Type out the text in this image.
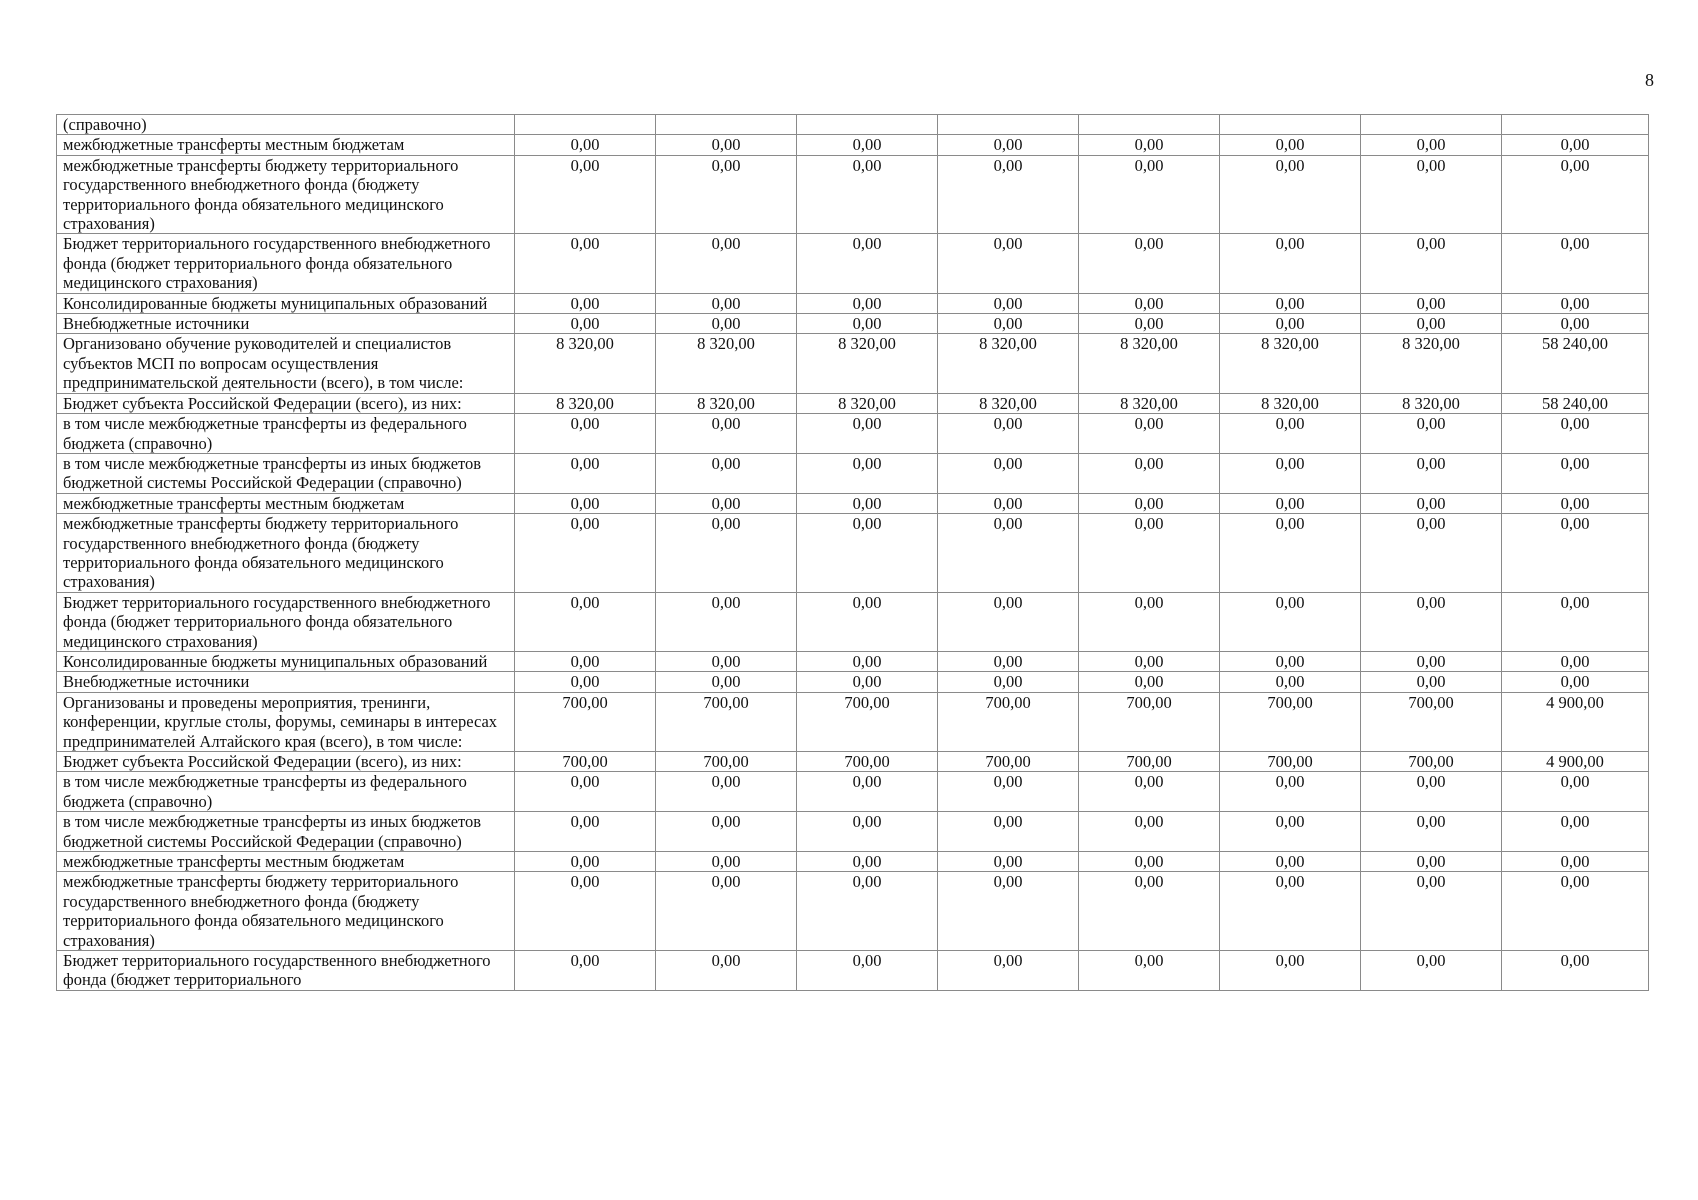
8
(справочно)								
межбюджетные трансферты местным бюджетам	0,00	0,00	0,00	0,00	0,00	0,00	0,00	0,00
межбюджетные трансферты бюджету территориального государственного внебюджетного фонда (бюджету территориального фонда обязательного медицинского страхования)	0,00	0,00	0,00	0,00	0,00	0,00	0,00	0,00
Бюджет территориального государственного внебюджетного фонда (бюджет территориального фонда обязательного медицинского страхования)	0,00	0,00	0,00	0,00	0,00	0,00	0,00	0,00
Консолидированные бюджеты муниципальных образований	0,00	0,00	0,00	0,00	0,00	0,00	0,00	0,00
Внебюджетные источники	0,00	0,00	0,00	0,00	0,00	0,00	0,00	0,00
Организовано обучение руководителей и специалистов субъектов МСП по вопросам осуществления предпринимательской деятельности (всего), в том числе:	8 320,00	8 320,00	8 320,00	8 320,00	8 320,00	8 320,00	8 320,00	58 240,00
Бюджет субъекта Российской Федерации (всего), из них:	8 320,00	8 320,00	8 320,00	8 320,00	8 320,00	8 320,00	8 320,00	58 240,00
в том числе межбюджетные трансферты из федерального бюджета (справочно)	0,00	0,00	0,00	0,00	0,00	0,00	0,00	0,00
в том числе межбюджетные трансферты из иных бюджетов бюджетной системы Российской Федерации (справочно)	0,00	0,00	0,00	0,00	0,00	0,00	0,00	0,00
межбюджетные трансферты местным бюджетам	0,00	0,00	0,00	0,00	0,00	0,00	0,00	0,00
межбюджетные трансферты бюджету территориального государственного внебюджетного фонда (бюджету территориального фонда обязательного медицинского страхования)	0,00	0,00	0,00	0,00	0,00	0,00	0,00	0,00
Бюджет территориального государственного внебюджетного фонда (бюджет территориального фонда обязательного медицинского страхования)	0,00	0,00	0,00	0,00	0,00	0,00	0,00	0,00
Консолидированные бюджеты муниципальных образований	0,00	0,00	0,00	0,00	0,00	0,00	0,00	0,00
Внебюджетные источники	0,00	0,00	0,00	0,00	0,00	0,00	0,00	0,00
Организованы и проведены мероприятия, тренинги, конференции, круглые столы, форумы, семинары в интересах предпринимателей Алтайского края (всего), в том числе:	700,00	700,00	700,00	700,00	700,00	700,00	700,00	4 900,00
Бюджет субъекта Российской Федерации (всего), из них:	700,00	700,00	700,00	700,00	700,00	700,00	700,00	4 900,00
в том числе межбюджетные трансферты из федерального бюджета (справочно)	0,00	0,00	0,00	0,00	0,00	0,00	0,00	0,00
в том числе межбюджетные трансферты из иных бюджетов бюджетной системы Российской Федерации (справочно)	0,00	0,00	0,00	0,00	0,00	0,00	0,00	0,00
межбюджетные трансферты местным бюджетам	0,00	0,00	0,00	0,00	0,00	0,00	0,00	0,00
межбюджетные трансферты бюджету территориального государственного внебюджетного фонда (бюджету территориального фонда обязательного медицинского страхования)	0,00	0,00	0,00	0,00	0,00	0,00	0,00	0,00
Бюджет территориального государственного внебюджетного фонда (бюджет территориального	0,00	0,00	0,00	0,00	0,00	0,00	0,00	0,00
